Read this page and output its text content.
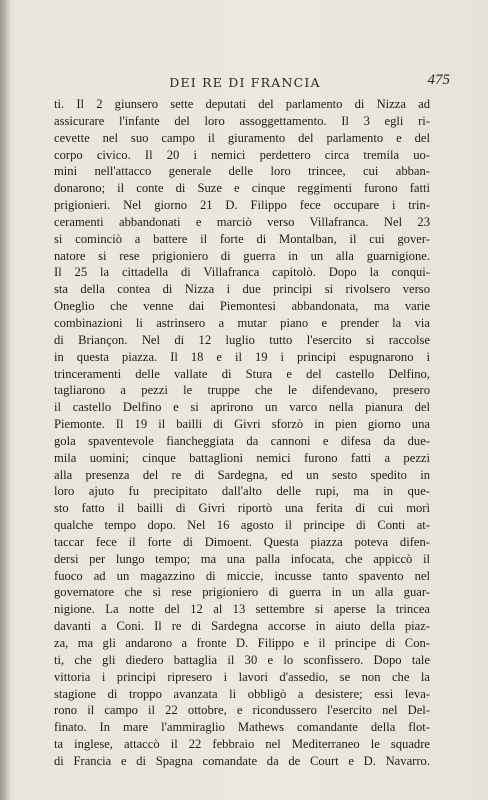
DEI RE DI FRANCIA	475
ti. Il 2 giunsero sette deputati del parlamento di Nizza ad
assicurare l'infante del loro assoggettamento. Il 3 egli ri-
cevette nel suo campo il giuramento del parlamento e del
corpo civico. Il 20 i nemici perdettero circa tremila uo-
mini nell'attacco generale delle loro trincee, cui abban-
donarono; il conte di Suze e cinque reggimenti furono fatti
prigionieri. Nel giorno 21 D. Filippo fece occupare i trin-
ceramenti abbandonati e marciò verso Villafranca. Nel 23
si cominciò a battere il forte di Montalban, il cui gover-
natore si rese prigioniero di guerra in un alla guarnigione.
Il 25 la cittadella di Villafranca capitolò. Dopo la conqui-
sta della contea di Nizza i due principi si rivolsero verso
Oneglio che venne dai Piemontesi abbandonata, ma varie
combinazioni li astrinsero a mutar piano e prender la via
di Briançon. Nel di 12 luglio tutto l'esercito si raccolse
in questa piazza. Il 18 e il 19 i principi espugnarono i
trinceramenti delle vallate di Stura e del castello Delfino,
tagliarono a pezzi le truppe che le difendevano, presero
il castello Delfino e si aprirono un varco nella pianura del
Piemonte. Il 19 il bailli di Givri sforzò in pien giorno una
gola spaventevole fiancheggiata da cannoni e difesa da due-
mila uomini; cinque battaglioni nemici furono fatti a pezzi
alla presenza del re di Sardegna, ed un sesto spedito in
loro ajuto fu precipitato dall'alto delle rupi, ma in que-
sto fatto il bailli di Givri riportò una ferita di cui morì
qualche tempo dopo. Nel 16 agosto il principe di Conti at-
taccar fece il forte di Dimoent. Questa piazza poteva difen-
dersi per lungo tempo; ma una palla infocata, che appiccò il
fuoco ad un magazzino di miccie, incusse tanto spavento nel
governatore che si rese prigioniero di guerra in un alla guar-
nigione. La notte del 12 al 13 settembre si aperse la trincea
davanti a Coni. Il re di Sardegna accorse in aiuto della piaz-
za, ma gli andarono a fronte D. Filippo e il principe di Con-
ti, che gli diedero battaglia il 30 e lo sconfissero. Dopo tale
vittoria i principi ripresero i lavori d'assedio, se non che la
stagione di troppo avanzata li obbligò a desistere; essi leva-
rono il campo il 22 ottobre, e ricondussero l'esercito nel Del-
finato. In mare l'ammiraglio Mathews comandante della flot-
ta inglese, attaccò il 22 febbraio nel Mediterraneo le squadre
di Francia e di Spagna comandate da de Court e D. Navarro.
